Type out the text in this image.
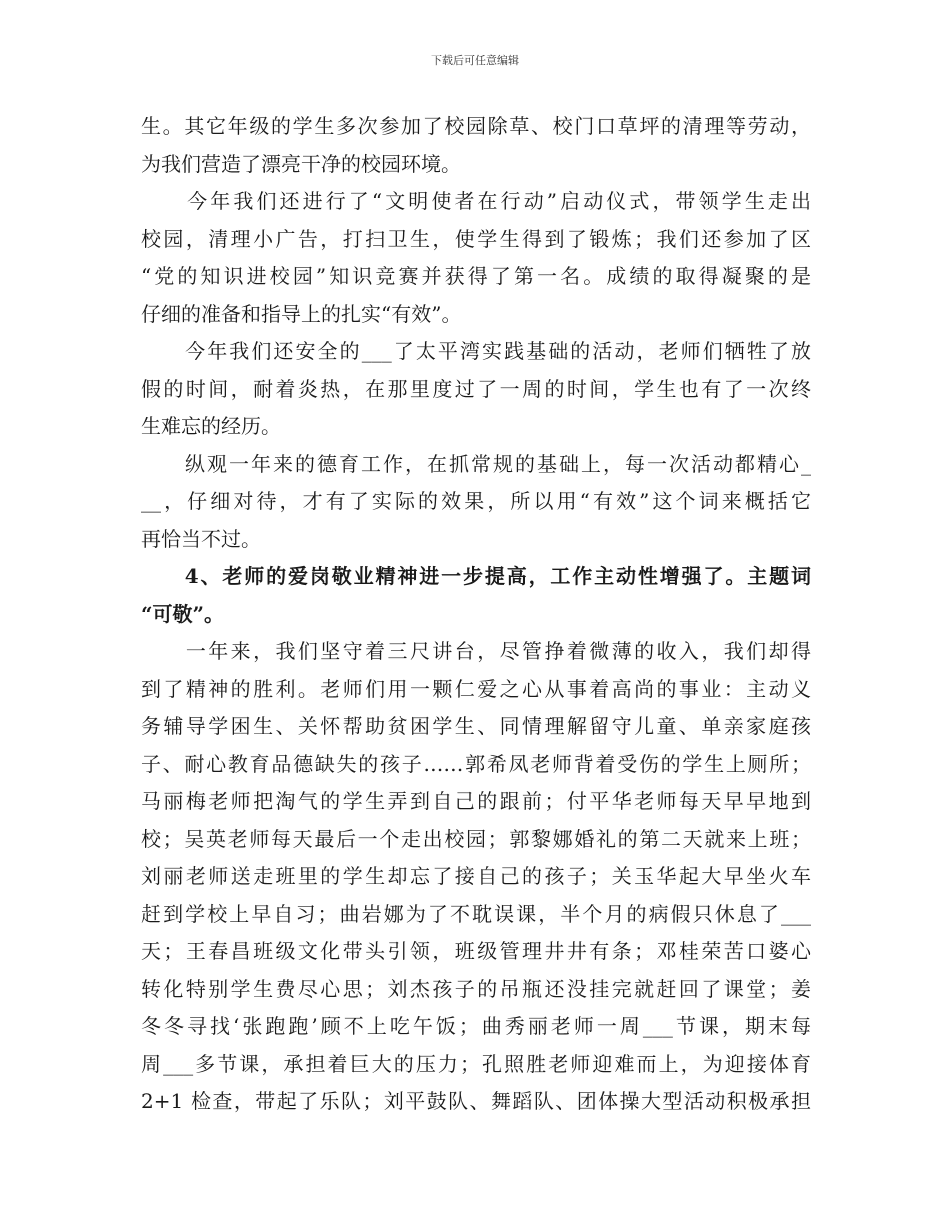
下载后可任意编辑
生。其它年级的学生多次参加了校园除草、校门口草坪的清理等劳动，
为我们营造了漂亮干净的校园环境。
　　今年我们还进行了“文明使者在行动”启动仪式，带领学生走出
校园，清理小广告，打扫卫生，使学生得到了锻炼；我们还参加了区
“党的知识进校园”知识竞赛并获得了第一名。成绩的取得凝聚的是
仔细的准备和指导上的扎实“有效”。
　　今年我们还安全的___了太平湾实践基础的活动，老师们牺牲了放
假的时间，耐着炎热，在那里度过了一周的时间，学生也有了一次终
生难忘的经历。
　　纵观一年来的德育工作，在抓常规的基础上，每一次活动都精心_
__，仔细对待，才有了实际的效果，所以用“有效”这个词来概括它
再恰当不过。
　　4、老师的爱岗敬业精神进一步提高，工作主动性增强了。主题词
“可敬”。
　　一年来，我们坚守着三尺讲台，尽管挣着微薄的收入，我们却得
到了精神的胜利。老师们用一颗仁爱之心从事着高尚的事业：主动义
务辅导学困生、关怀帮助贫困学生、同情理解留守儿童、单亲家庭孩
子、耐心教育品德缺失的孩子……郭希凤老师背着受伤的学生上厕所；
马丽梅老师把淘气的学生弄到自己的跟前；付平华老师每天早早地到
校；吴英老师每天最后一个走出校园；郭黎娜婚礼的第二天就来上班；
刘丽老师送走班里的学生却忘了接自己的孩子；关玉华起大早坐火车
赶到学校上早自习；曲岩娜为了不耽误课，半个月的病假只休息了___
天；王春昌班级文化带头引领，班级管理井井有条；邓桂荣苦口婆心
转化特别学生费尽心思；刘杰孩子的吊瓶还没挂完就赶回了课堂；姜
冬冬寻找‘张跑跑’顾不上吃午饭；曲秀丽老师一周___节课，期末每
周___多节课，承担着巨大的压力；孔照胜老师迎难而上，为迎接体育
2+1 检查，带起了乐队；刘平鼓队、舞蹈队、团体操大型活动积极承担
